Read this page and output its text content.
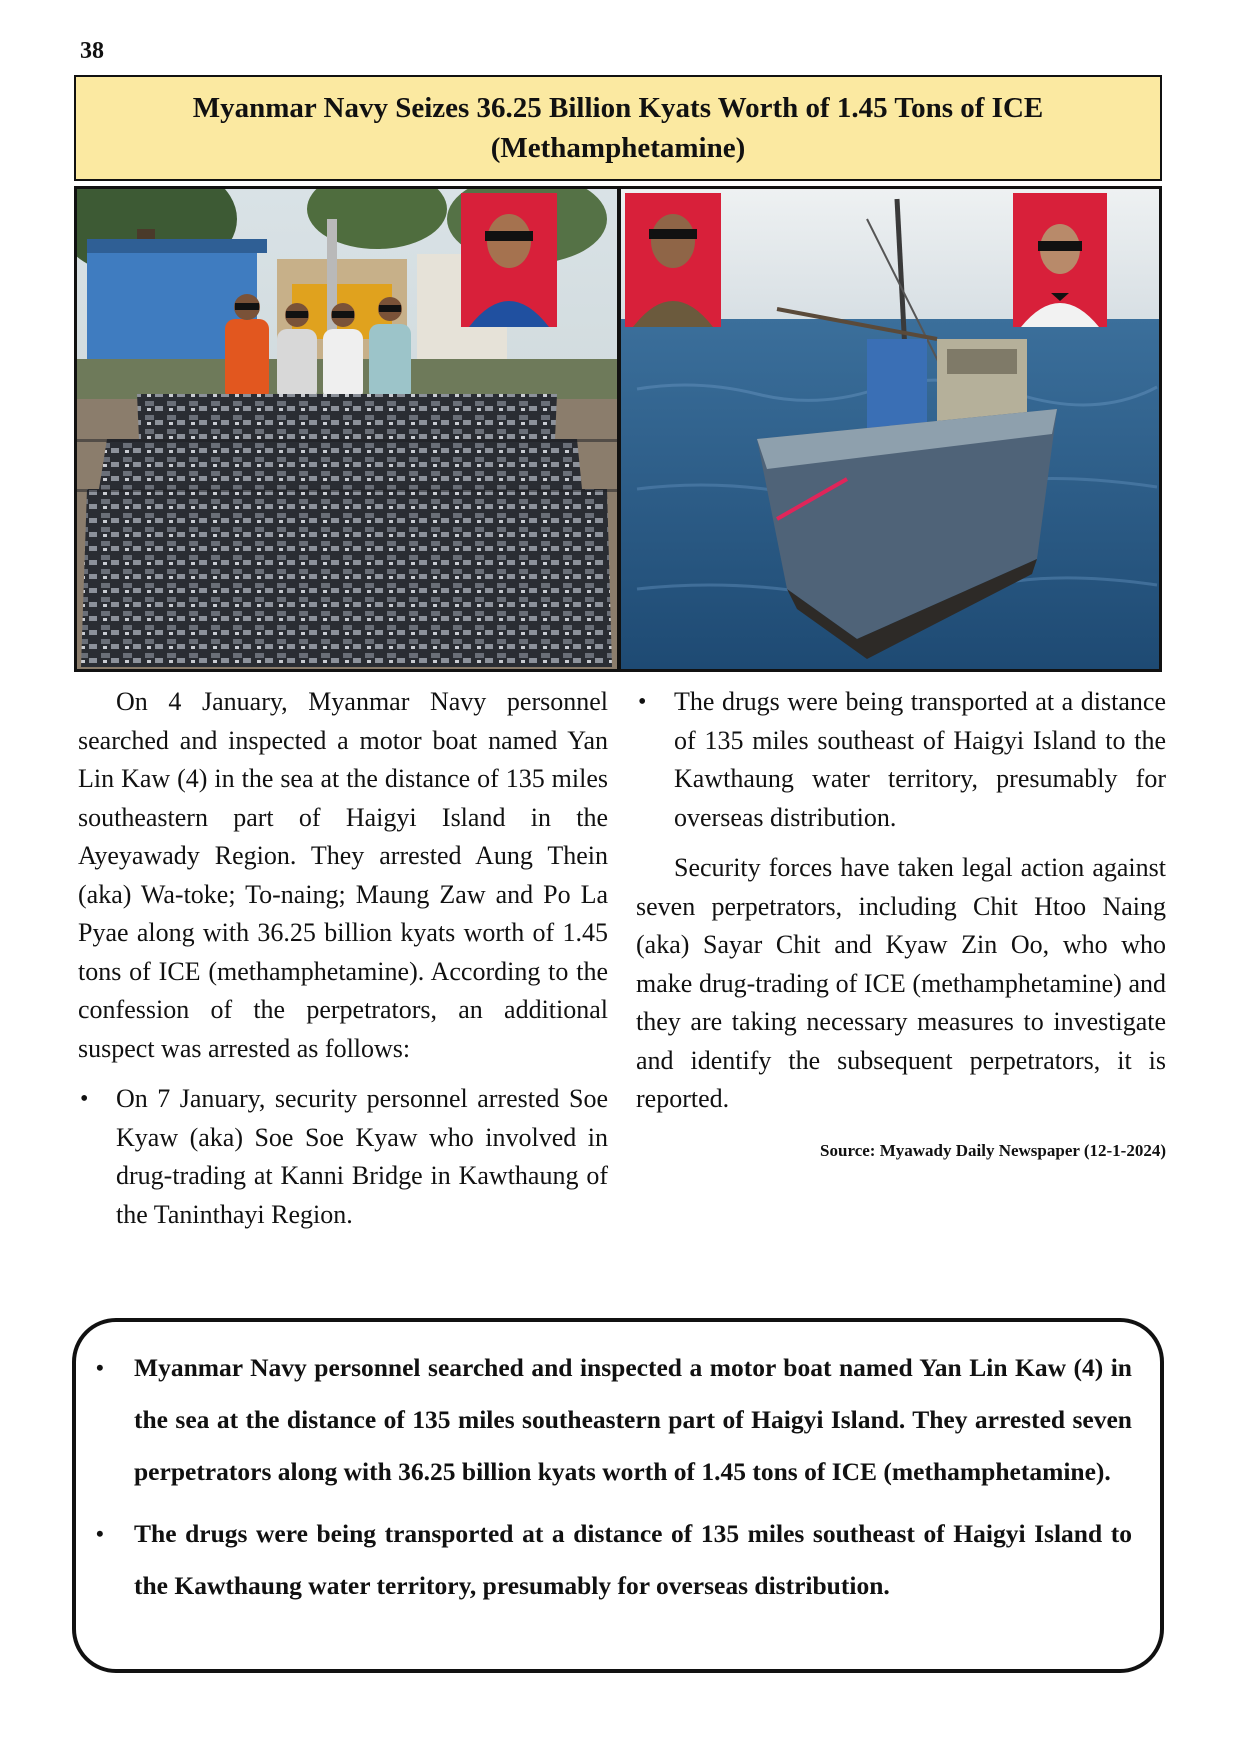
38
Myanmar Navy Seizes 36.25 Billion Kyats Worth of 1.45 Tons of ICE
(Methamphetamine)

On 4 January, Myanmar Navy personnel searched and inspected a motor boat named Yan Lin Kaw (4) in the sea at the distance of 135 miles southeastern part of Haigyi Island in the Ayeyawady Region. They arrested Aung Thein (aka) Wa-toke; To-naing; Maung Zaw and Po La Pyae along with 36.25 billion kyats worth of 1.45 tons of ICE (methamphetamine). According to the confession of the perpetrators, an additional suspect was arrested as follows:

• On 7 January, security personnel arrested Soe Kyaw (aka) Soe Soe Kyaw who involved in drug-trading at Kanni Bridge in Kawthaung of the Taninthayi Region.

• The drugs were being transported at a distance of 135 miles southeast of Haigyi Island to the Kawthaung water territory, presumably for overseas distribution.

Security forces have taken legal action against seven perpetrators, including Chit Htoo Naing (aka) Sayar Chit and Kyaw Zin Oo, who who make drug-trading of ICE (methamphetamine) and they are taking necessary measures to investigate and identify the subsequent perpetrators, it is reported.

Source: Myawady Daily Newspaper (12-1-2024)

• Myanmar Navy personnel searched and inspected a motor boat named Yan Lin Kaw (4) in the sea at the distance of 135 miles southeastern part of Haigyi Island. They arrested seven perpetrators along with 36.25 billion kyats worth of 1.45 tons of ICE (methamphetamine).
• The drugs were being transported at a distance of 135 miles southeast of Haigyi Island to the Kawthaung water territory, presumably for overseas distribution.
